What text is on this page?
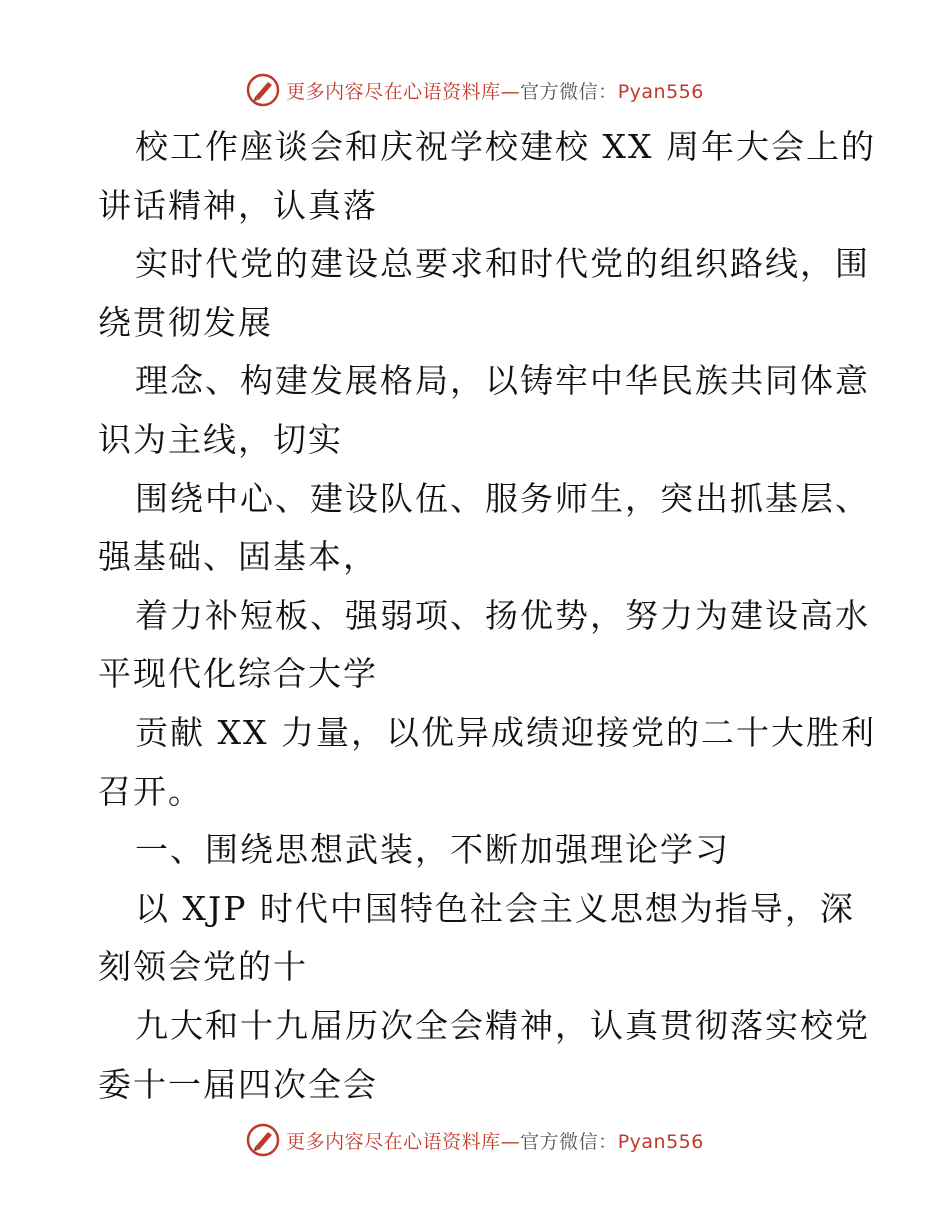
更多内容尽在心语资料库—官方微信：Pyan556
校工作座谈会和庆祝学校建校 XX 周年大会上的
讲话精神，认真落
实时代党的建设总要求和时代党的组织路线，围
绕贯彻发展
理念、构建发展格局，以铸牢中华民族共同体意
识为主线，切实
围绕中心、建设队伍、服务师生，突出抓基层、
强基础、固基本，
着力补短板、强弱项、扬优势，努力为建设高水
平现代化综合大学
贡献 XX 力量，以优异成绩迎接党的二十大胜利
召开。
一、围绕思想武装，不断加强理论学习
以 XJP 时代中国特色社会主义思想为指导，深
刻领会党的十
九大和十九届历次全会精神，认真贯彻落实校党
委十一届四次全会
更多内容尽在心语资料库—官方微信：Pyan556
